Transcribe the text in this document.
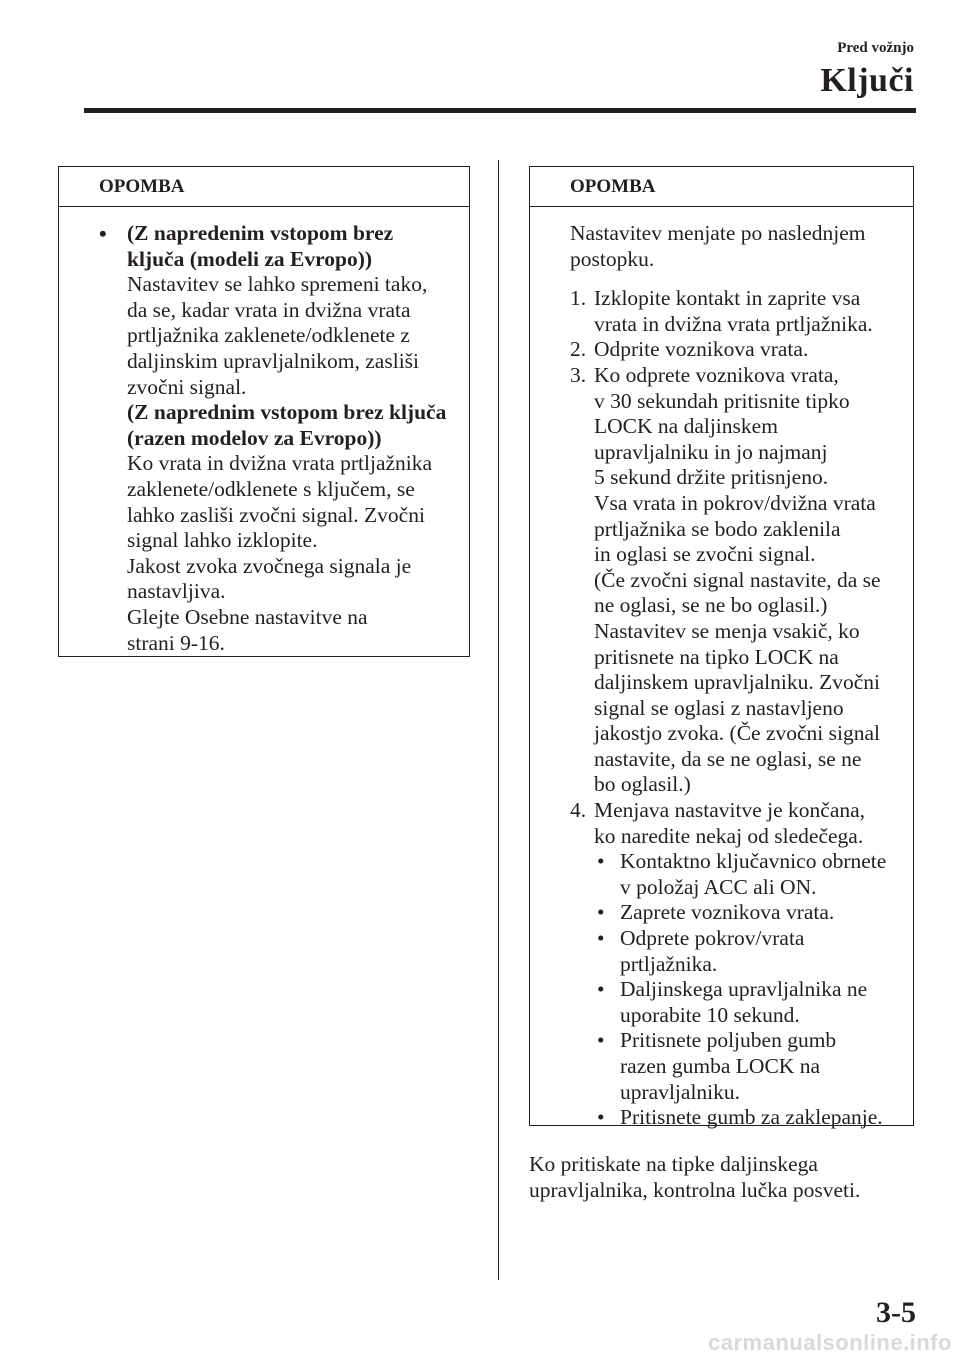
Pred vožnjo
Ključi
OPOMBA
• (Z napredenim vstopom brez
ključa (modeli za Evropo))
Nastavitev se lahko spremeni tako,
da se, kadar vrata in dvižna vrata
prtljažnika zaklenete/odklenete z
daljinskim upravljalnikom, zasliši
zvočni signal.
(Z naprednim vstopom brez ključa
(razen modelov za Evropo))
Ko vrata in dvižna vrata prtljažnika
zaklenete/odklenete s ključem, se
lahko zasliši zvočni signal. Zvočni
signal lahko izklopite.
Jakost zvoka zvočnega signala je
nastavljiva.
Glejte Osebne nastavitve na
strani 9-16.
OPOMBA
Nastavitev menjate po naslednjem
postopku.
1. Izklopite kontakt in zaprite vsa
vrata in dvižna vrata prtljažnika.
2. Odprite voznikova vrata.
3. Ko odprete voznikova vrata,
v 30 sekundah pritisnite tipko
LOCK na daljinskem
upravljalniku in jo najmanj
5 sekund držite pritisnjeno.
Vsa vrata in pokrov/dvižna vrata
prtljažnika se bodo zaklenila
in oglasi se zvočni signal.
(Če zvočni signal nastavite, da se
ne oglasi, se ne bo oglasil.)
Nastavitev se menja vsakič, ko
pritisnete na tipko LOCK na
daljinskem upravljalniku. Zvočni
signal se oglasi z nastavljeno
jakostjo zvoka. (Če zvočni signal
nastavite, da se ne oglasi, se ne
bo oglasil.)
4. Menjava nastavitve je končana,
ko naredite nekaj od sledečega.
• Kontaktno ključavnico obrnete
v položaj ACC ali ON.
• Zaprete voznikova vrata.
• Odprete pokrov/vrata
prtljažnika.
• Daljinskega upravljalnika ne
uporabite 10 sekund.
• Pritisnete poljuben gumb
razen gumba LOCK na
upravljalniku.
• Pritisnete gumb za zaklepanje.
Ko pritiskate na tipke daljinskega
upravljalnika, kontrolna lučka posveti.
3-5
carmanualsonline.info
